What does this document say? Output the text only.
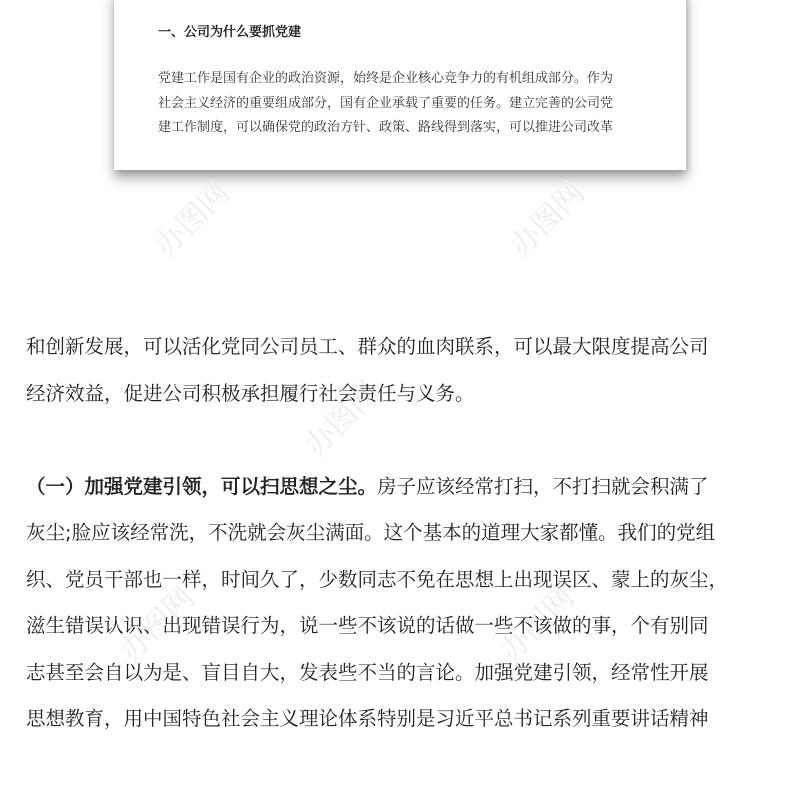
一、公司为什么要抓党建
党建工作是国有企业的政治资源，始终是企业核心竞争力的有机组成部分。作为
社会主义经济的重要组成部分，国有企业承载了重要的任务。建立完善的公司党
建工作制度，可以确保党的政治方针、政策、路线得到落实，可以推进公司改革
办图网	办图网
办图网
办图网	办图网
和创新发展，可以活化党同公司员工、群众的血肉联系，可以最大限度提高公司
经济效益，促进公司积极承担履行社会责任与义务。
（一）加强党建引领，可以扫思想之尘。房子应该经常打扫，不打扫就会积满了
灰尘;脸应该经常洗，不洗就会灰尘满面。这个基本的道理大家都懂。我们的党组
织、党员干部也一样，时间久了，少数同志不免在思想上出现误区、蒙上的灰尘，
滋生错误认识、出现错误行为，说一些不该说的话做一些不该做的事，个有别同
志甚至会自以为是、盲目自大，发表些不当的言论。加强党建引领，经常性开展
思想教育，用中国特色社会主义理论体系特别是习近平总书记系列重要讲话精神
